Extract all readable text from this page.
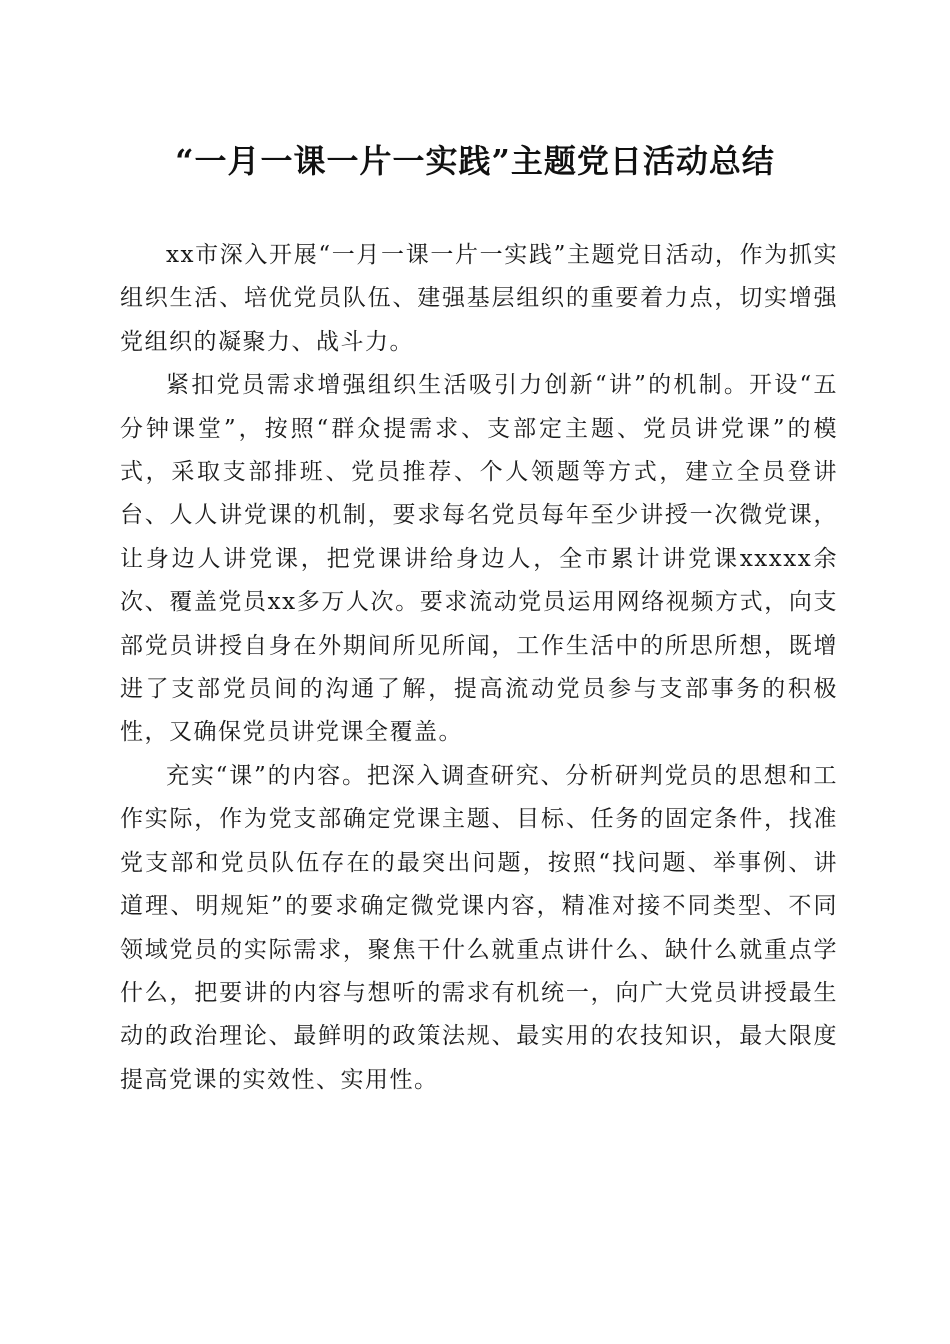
“一月一课一片一实践”主题党日活动总结

xx市深入开展“一月一课一片一实践”主题党日活动，作为抓实组织生活、培优党员队伍、建强基层组织的重要着力点，切实增强党组织的凝聚力、战斗力。

紧扣党员需求增强组织生活吸引力创新“讲”的机制。开设“五分钟课堂”，按照“群众提需求、支部定主题、党员讲党课”的模式，采取支部排班、党员推荐、个人领题等方式，建立全员登讲台、人人讲党课的机制，要求每名党员每年至少讲授一次微党课，让身边人讲党课，把党课讲给身边人，全市累计讲党课xxxxx余次、覆盖党员xx多万人次。要求流动党员运用网络视频方式，向支部党员讲授自身在外期间所见所闻，工作生活中的所思所想，既增进了支部党员间的沟通了解，提高流动党员参与支部事务的积极性，又确保党员讲党课全覆盖。

充实“课”的内容。把深入调查研究、分析研判党员的思想和工作实际，作为党支部确定党课主题、目标、任务的固定条件，找准党支部和党员队伍存在的最突出问题，按照“找问题、举事例、讲道理、明规矩”的要求确定微党课内容，精准对接不同类型、不同领域党员的实际需求，聚焦干什么就重点讲什么、缺什么就重点学什么，把要讲的内容与想听的需求有机统一，向广大党员讲授最生动的政治理论、最鲜明的政策法规、最实用的农技知识，最大限度提高党课的实效性、实用性。
